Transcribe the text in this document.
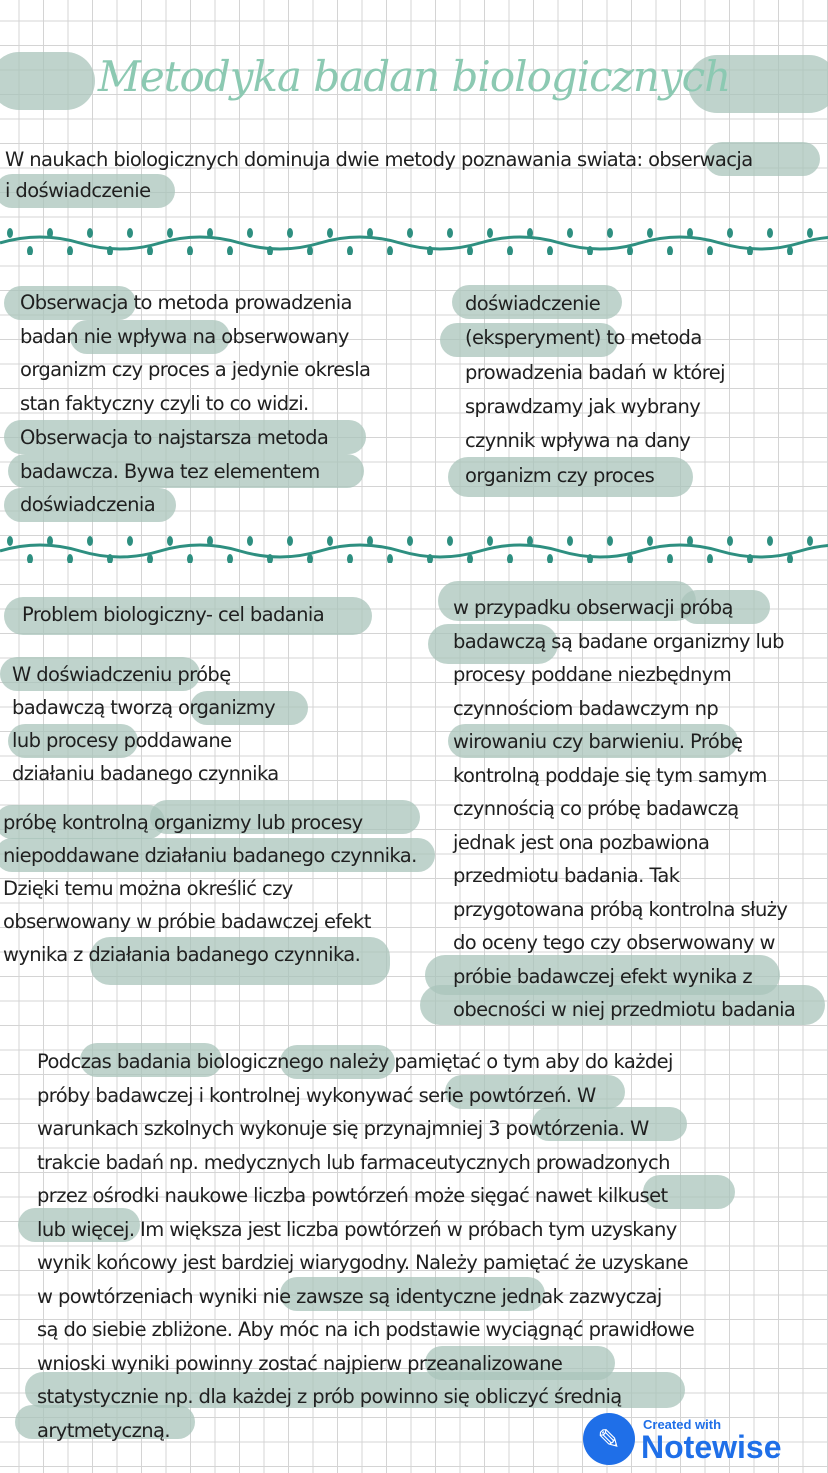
Metodyka badan biologicznych
W naukach biologicznych dominuja dwie metody poznawania swiata: obserwacja
i doświadczenie
Obserwacja to metoda prowadzenia
badan nie wpływa na obserwowany
organizm czy proces a jedynie okresla
stan faktyczny czyli to co widzi.
Obserwacja to najstarsza metoda
badawcza. Bywa tez elementem
doświadczenia
doświadczenie
(eksperyment) to metoda
prowadzenia badań w której
sprawdzamy jak wybrany
czynnik wpływa na dany
organizm czy proces
Problem biologiczny- cel badania
W doświadczeniu próbę
badawczą tworzą organizmy
lub procesy poddawane
działaniu badanego czynnika
próbę kontrolną organizmy lub procesy
niepoddawane działaniu badanego czynnika.
Dzięki temu można określić czy
obserwowany w próbie badawczej efekt
wynika z działania badanego czynnika.
w przypadku obserwacji próbą
badawczą są badane organizmy lub
procesy poddane niezbędnym
czynnościom badawczym np
wirowaniu czy barwieniu. Próbę
kontrolną poddaje się tym samym
czynnością co próbę badawczą
jednak jest ona pozbawiona
przedmiotu badania. Tak
przygotowana próbą kontrolna służy
do oceny tego czy obserwowany w
próbie badawczej efekt wynika z
obecności w niej przedmiotu badania
Podczas badania biologicznego należy pamiętać o tym aby do każdej
próby badawczej i kontrolnej wykonywać serie powtórzeń. W
warunkach szkolnych wykonuje się przynajmniej 3 powtórzenia. W
trakcie badań np. medycznych lub farmaceutycznych prowadzonych
przez ośrodki naukowe liczba powtórzeń może sięgać nawet kilkuset
lub więcej. Im większa jest liczba powtórzeń w próbach tym uzyskany
wynik końcowy jest bardziej wiarygodny. Należy pamiętać że uzyskane
w powtórzeniach wyniki nie zawsze są identyczne jednak zazwyczaj
są do siebie zbliżone. Aby móc na ich podstawie wyciągnąć prawidłowe
wnioski wyniki powinny zostać najpierw przeanalizowane
statystycznie np. dla każdej z prób powinno się obliczyć średnią
arytmetyczną.	✎	Created with
Notewise
